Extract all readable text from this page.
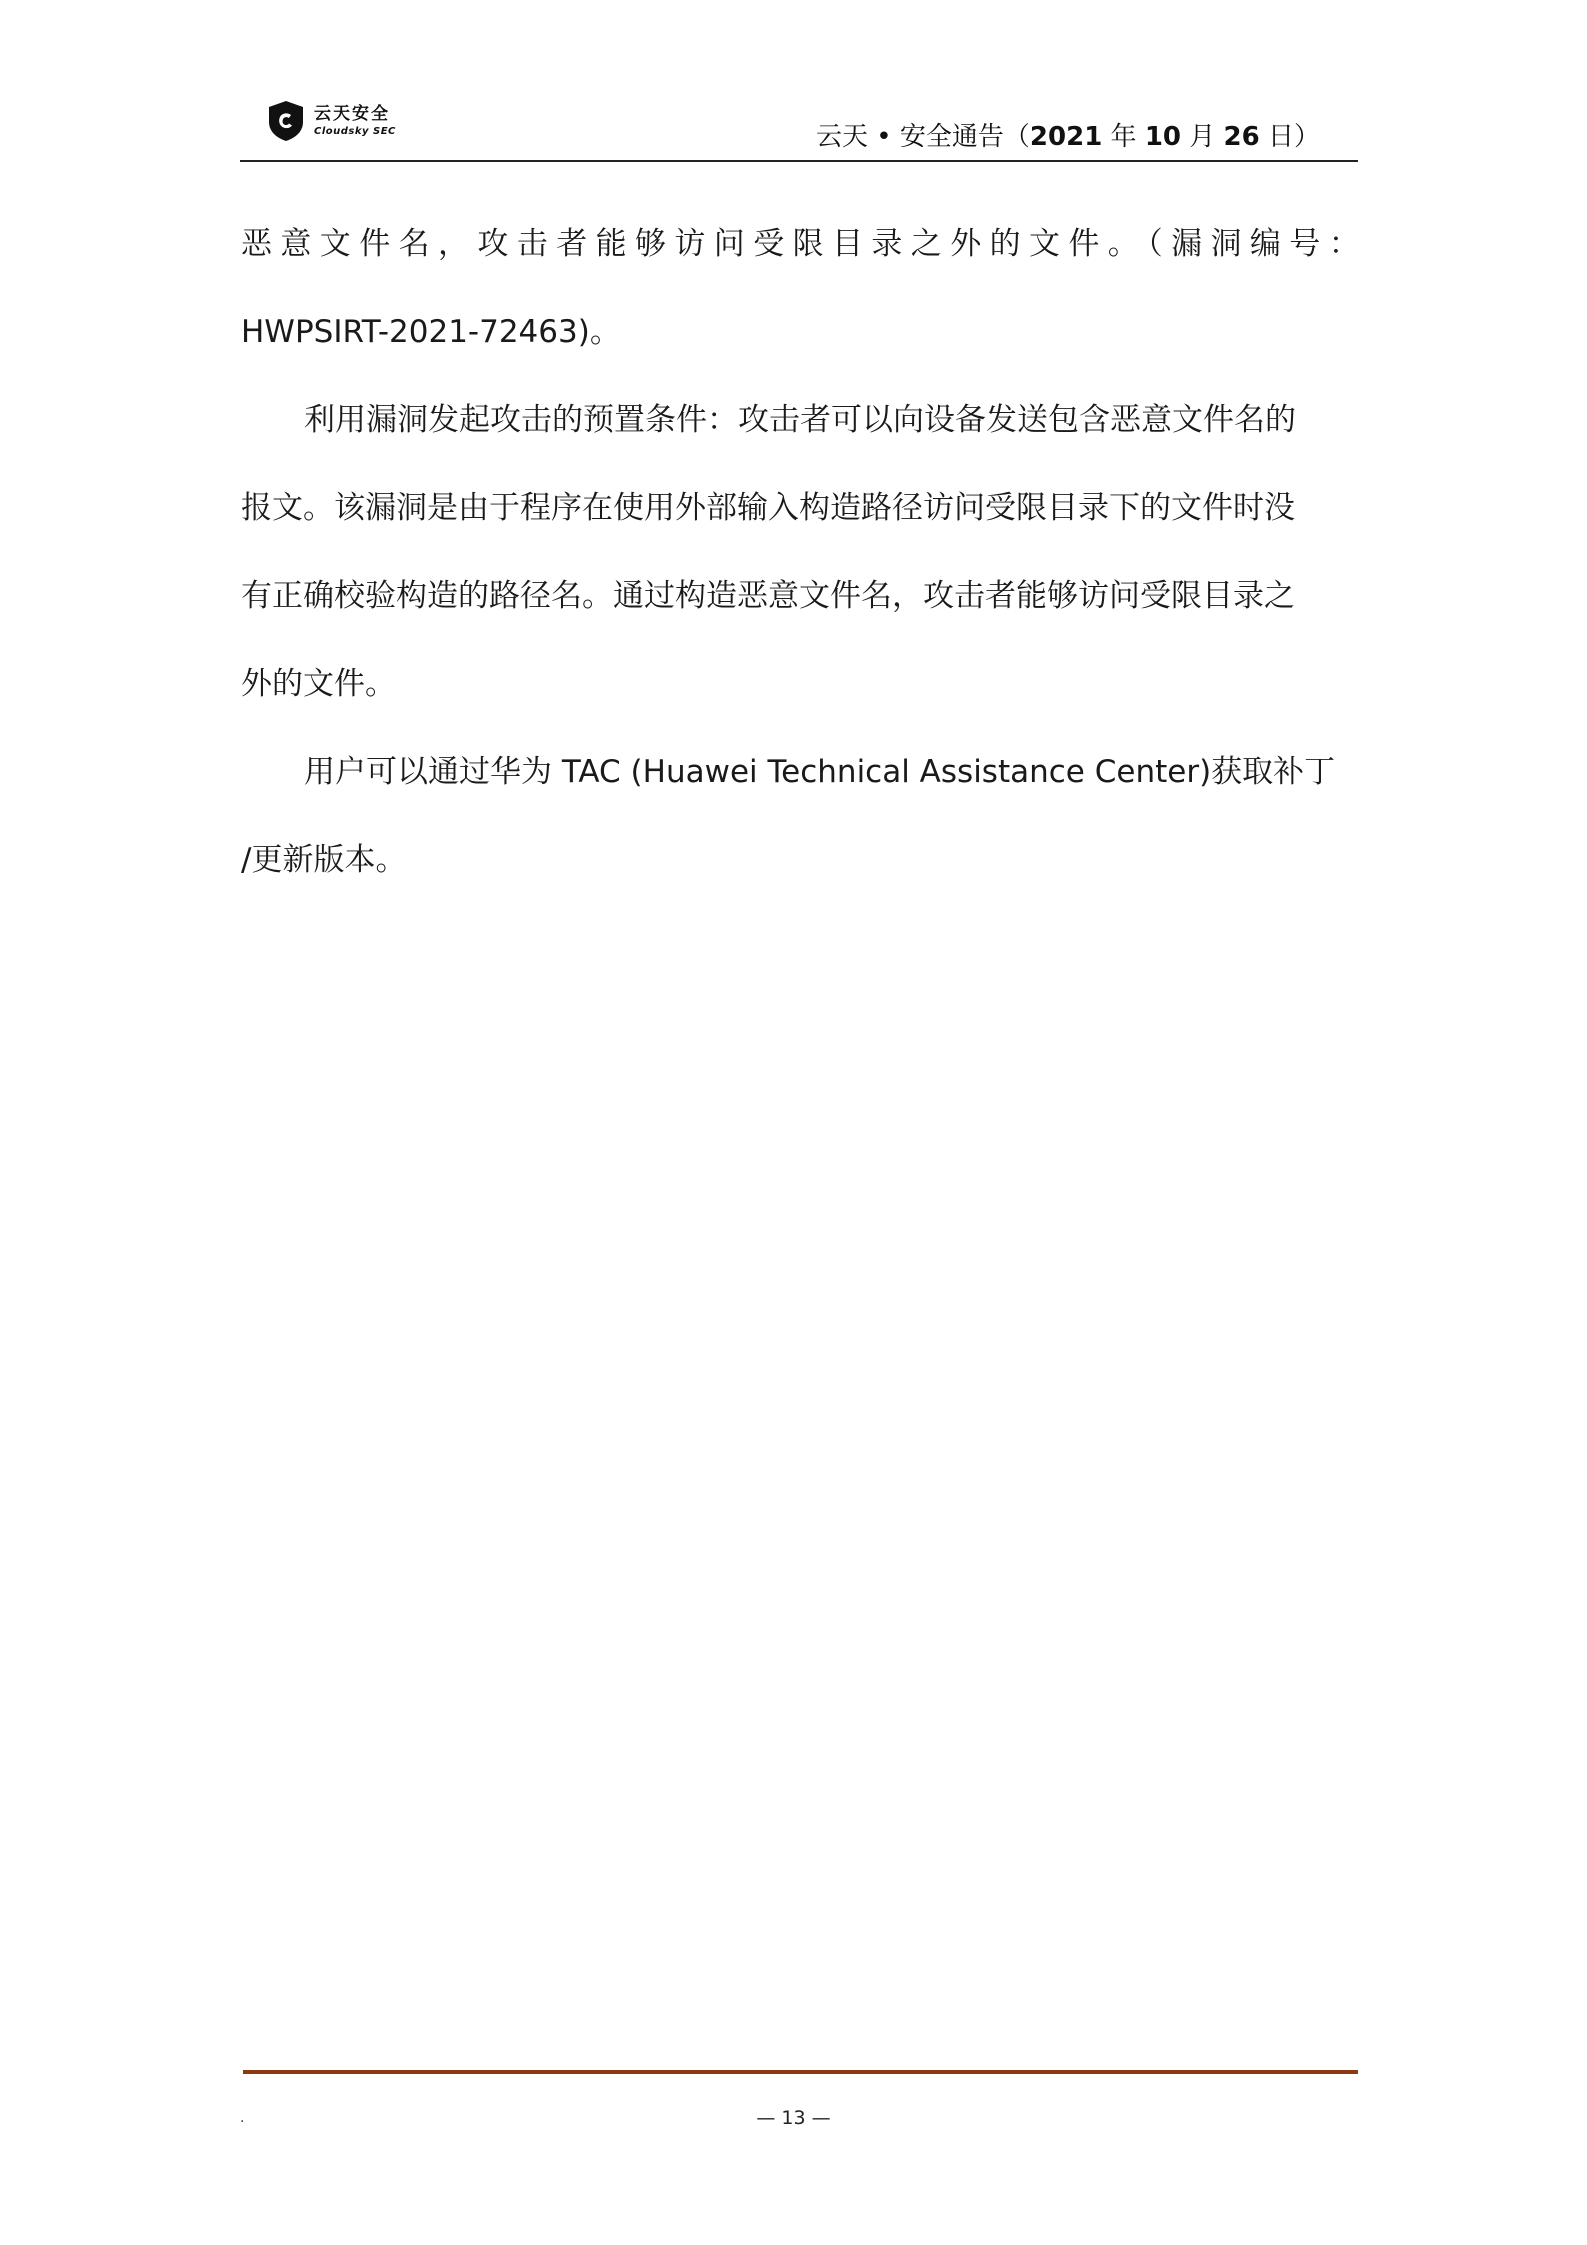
云天安全
Cloudsky SEC	云天 • 安全通告（2021 年 10 月 26 日）

恶意文件名，攻击者能够访问受限目录之外的文件。（漏洞编号：
HWPSIRT-2021-72463)。

利用漏洞发起攻击的预置条件：攻击者可以向设备发送包含恶意文件名的
报文。该漏洞是由于程序在使用外部输入构造路径访问受限目录下的文件时没
有正确校验构造的路径名。通过构造恶意文件名，攻击者能够访问受限目录之
外的文件。

用户可以通过华为 TAC (Huawei Technical Assistance Center)获取补丁
/更新版本。

.	— 13 —
